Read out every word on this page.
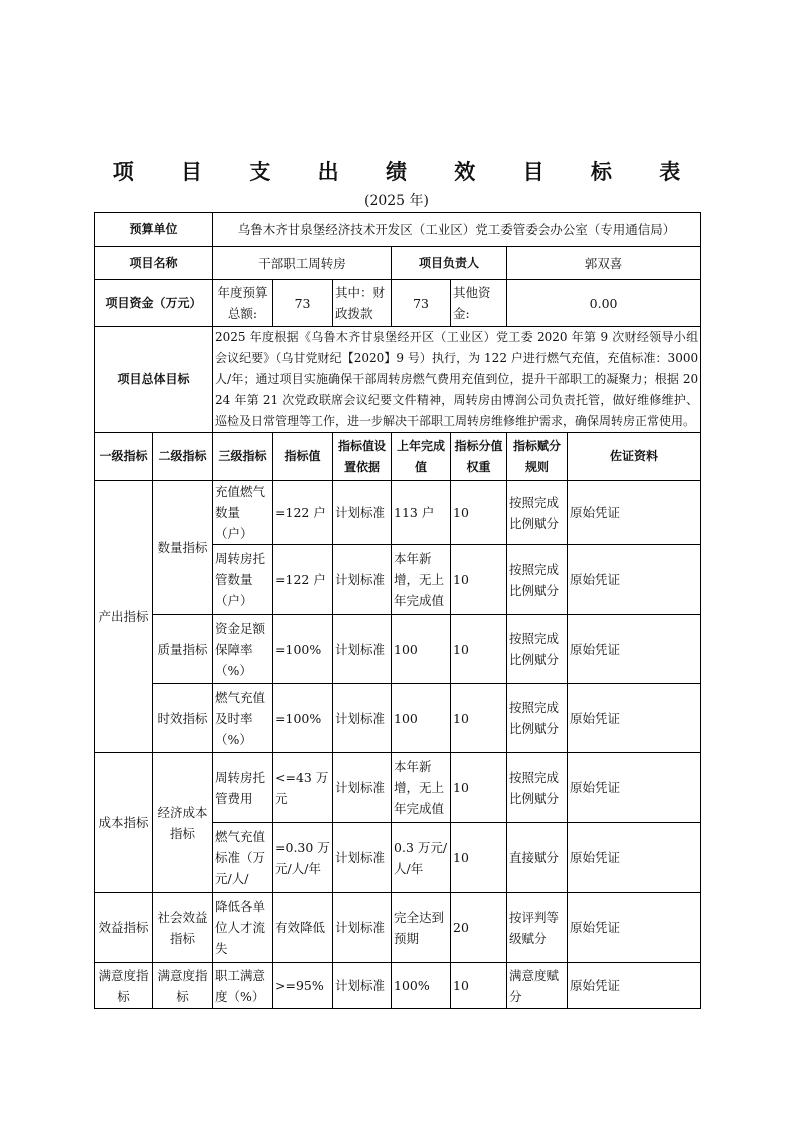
项 目 支 出 绩 效 目 标 表
(2025 年)
预算单位		乌鲁木齐甘泉堡经济技术开发区（工业区）党工委管委会办公室（专用通信局）						
项目名称		干部职工周转房			项目负责人		郭双喜	
项目资金（万元）		年度预算总额:	73	其中：财政拨款	73	其他资金:	0.00	
项目总体目标		2025 年度根据《乌鲁木齐甘泉堡经开区（工业区）党工委 2020 年第 9 次财经领导小组会议纪要》（乌甘党财纪【2020】9 号）执行，为 122 户进行燃气充值，充值标准：3000 人/年；通过项目实施确保干部周转房燃气费用充值到位，提升干部职工的凝聚力；根据 2024 年第 21 次党政联席会议纪要文件精神，周转房由博润公司负责托管，做好维修维护、巡检及日常管理等工作，进一步解决干部职工周转房维修维护需求，确保周转房正常使用。						
一级指标	二级指标	三级指标	指标值	指标值设置依据	上年完成值	指标分值权重	指标赋分规则	佐证资料
产出指标	数量指标	充值燃气数量（户）	=122 户	计划标准	113 户	10	按照完成比例赋分	原始凭证
		周转房托管数量（户）	=122 户	计划标准	本年新增，无上年完成值	10	按照完成比例赋分	原始凭证
	质量指标	资金足额保障率（%）	=100%	计划标准	100	10	按照完成比例赋分	原始凭证
	时效指标	燃气充值及时率（%）	=100%	计划标准	100	10	按照完成比例赋分	原始凭证
成本指标	经济成本指标	周转房托管费用	<=43 万元	计划标准	本年新增，无上年完成值	10	按照完成比例赋分	原始凭证
		燃气充值标准（万元/人/	=0.30 万元/人/年	计划标准	0.3 万元/人/年	10	直接赋分	原始凭证
效益指标	社会效益指标	降低各单位人才流失	有效降低	计划标准	完全达到预期	20	按评判等级赋分	原始凭证
满意度指标	满意度指标	职工满意度（%）	>=95%	计划标准	100%	10	满意度赋分	原始凭证
